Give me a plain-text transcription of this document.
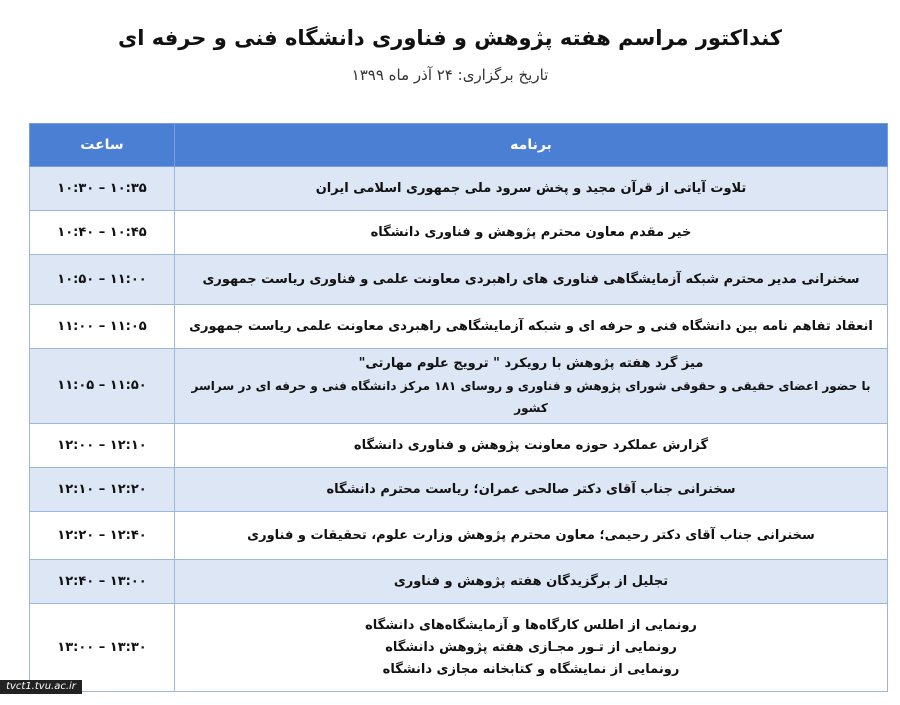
کنداکتور مراسم هفته پژوهش و فناوری دانشگاه فنی و حرفه ای
تاریخ برگزاری: ۲۴ آذر ماه ۱۳۹۹
برنامه	ساعت

تلاوت آیاتی از قرآن مجید و پخش سرود ملی جمهوری اسلامی ایران	۱۰:۳۰ – ۱۰:۳۵

خیر مقدم معاون محترم پژوهش و فناوری دانشگاه	۱۰:۴۰ – ۱۰:۴۵

سخنرانی مدیر محترم شبکه آزمایشگاهی فناوری های راهبردی معاونت علمی و فناوری ریاست جمهوری	۱۰:۵۰ – ۱۱:۰۰

انعقاد تفاهم نامه بین دانشگاه فنی و حرفه ای و شبکه آزمایشگاهی راهبردی معاونت علمی ریاست جمهوری	۱۱:۰۰ – ۱۱:۰۵

میز گرد هفته پژوهش با رویکرد " ترویج علوم مهارتی"
با حضور اعضای حقیقی و حقوقی شورای پژوهش و فناوری و روسای ۱۸۱ مرکز دانشگاه فنی و حرفه ای در سراسر کشور	۱۱:۰۵ – ۱۱:۵۰

گزارش عملکرد حوزه معاونت پژوهش و فناوری دانشگاه	۱۲:۰۰ – ۱۲:۱۰

سخنرانی جناب آقای دکتر صالحی عمران؛ ریاست محترم دانشگاه	۱۲:۱۰ – ۱۲:۲۰

سخنرانی جناب آقای دکتر رحیمی؛ معاون محترم پژوهش وزارت علوم، تحقیقات و فناوری	۱۲:۲۰ – ۱۲:۴۰

تجلیل از برگزیدگان هفته پژوهش و فناوری	۱۲:۴۰ – ۱۳:۰۰

رونمایی از اطلس کارگاه‌ها و آزمایشگاه‌های دانشگاه
رونمایی از تـور مجـازی هفته پژوهش دانشگاه
رونمایی از نمایشگاه و کتابخانه مجازی دانشگاه	۱۳:۰۰ – ۱۳:۳۰
tvct1.tvu.ac.ir
